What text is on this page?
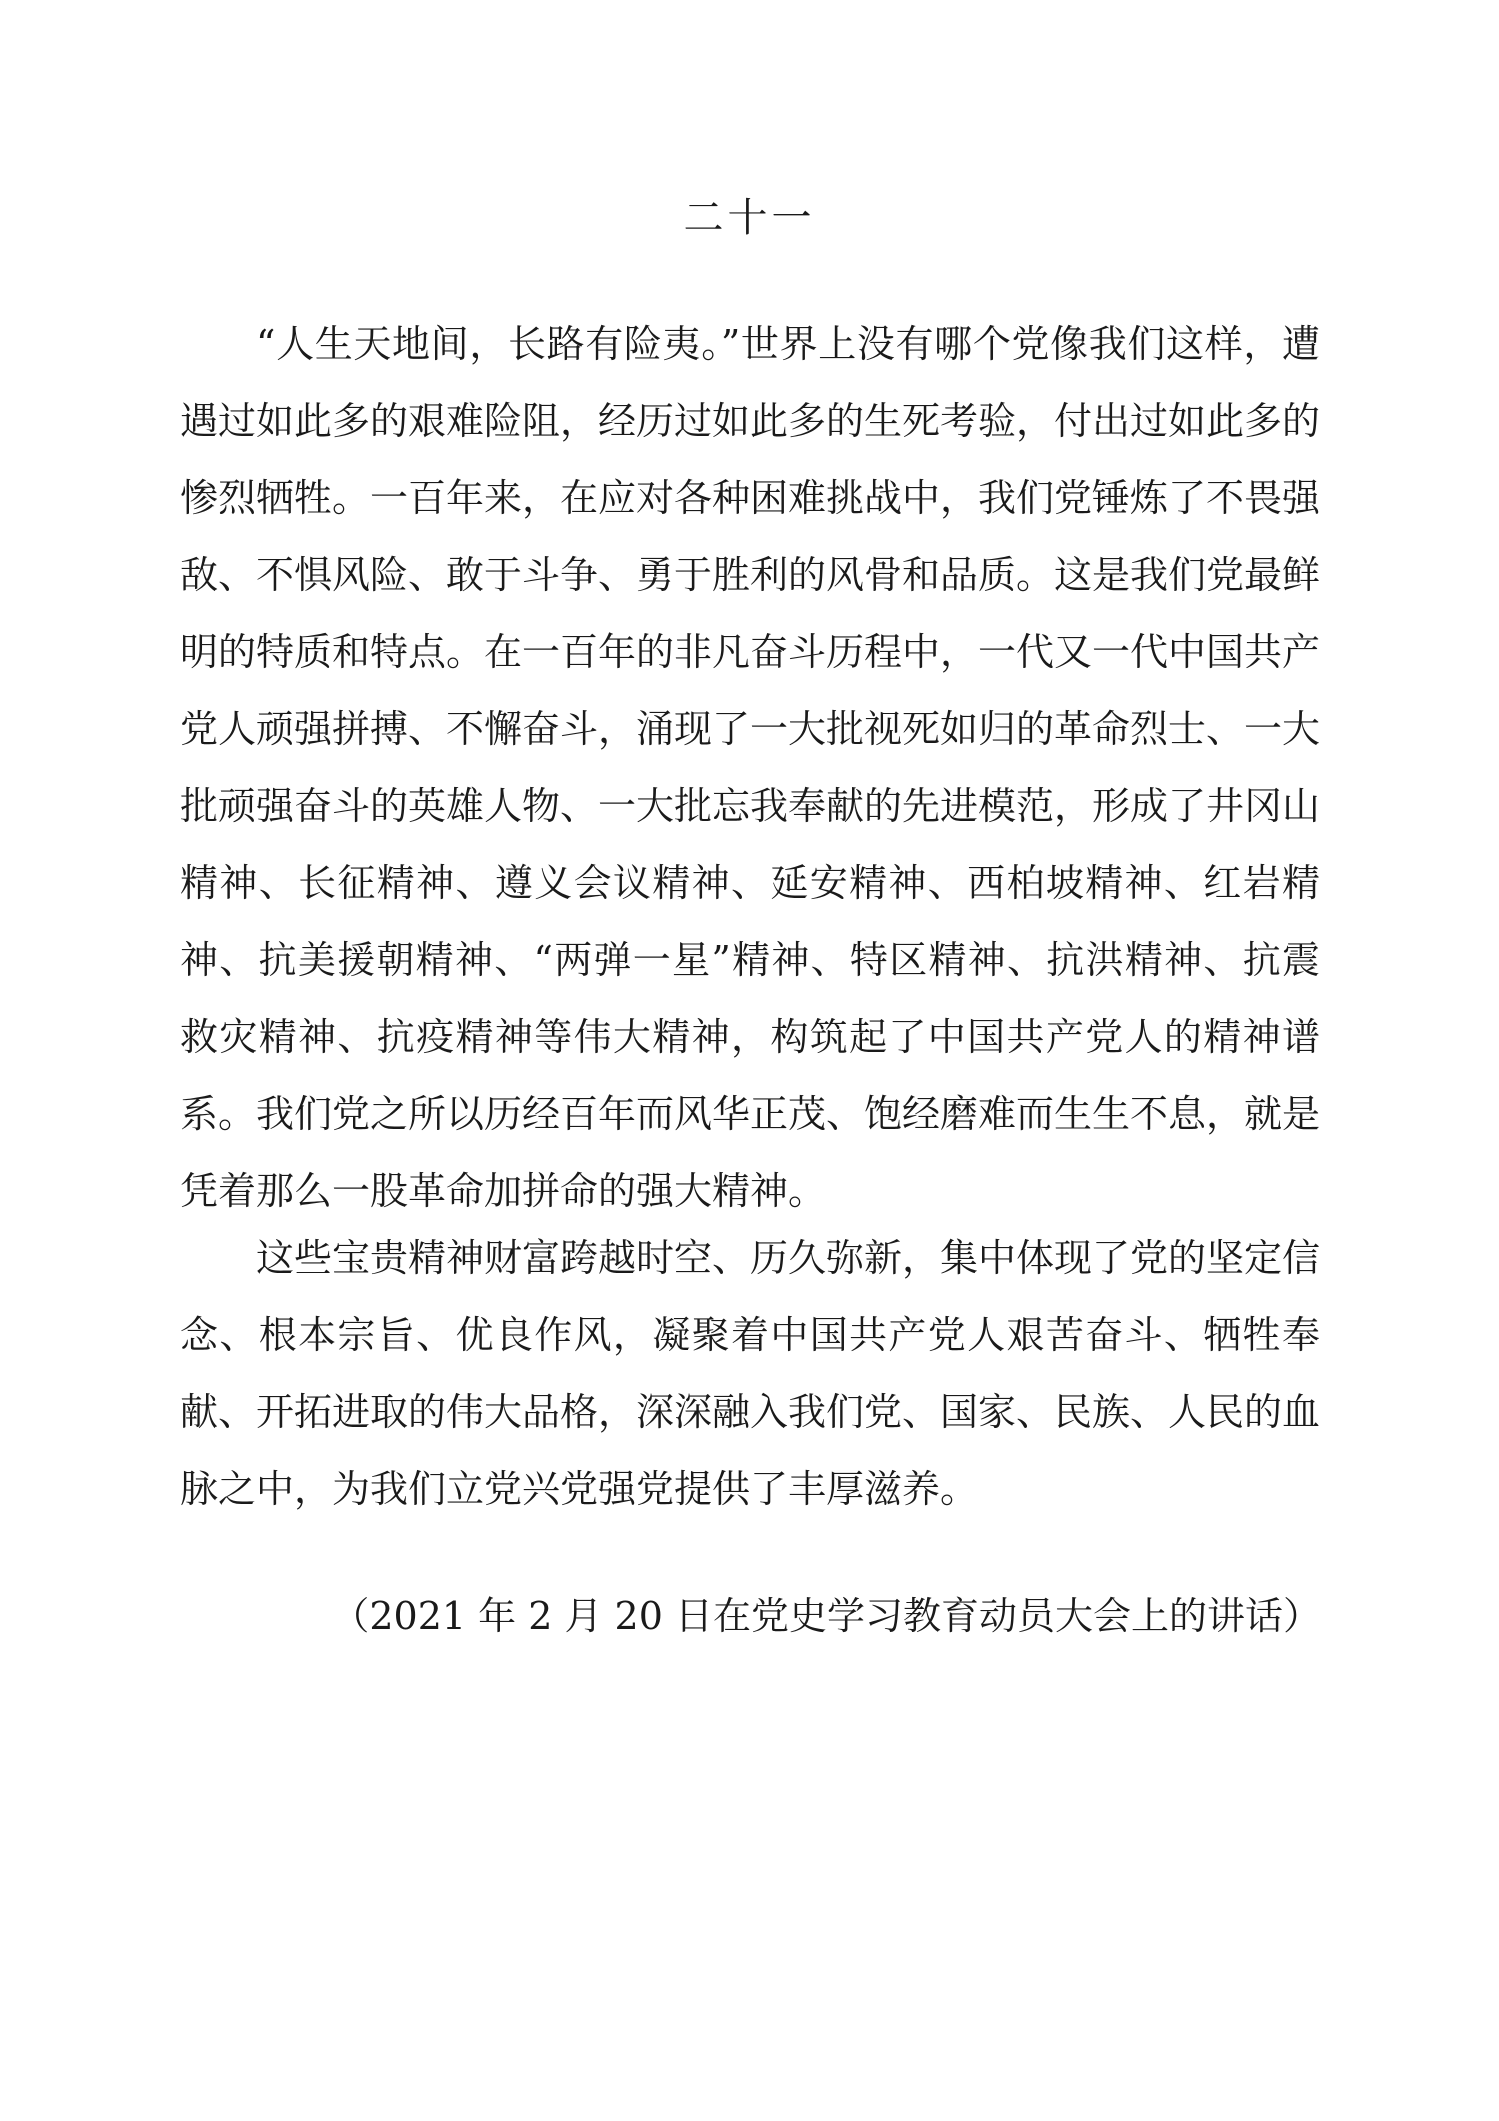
二十一

“人生天地间，长路有险夷。”世界上没有哪个党像我们这样，遭遇过如此多的艰难险阻，经历过如此多的生死考验，付出过如此多的惨烈牺牲。一百年来，在应对各种困难挑战中，我们党锤炼了不畏强敌、不惧风险、敢于斗争、勇于胜利的风骨和品质。这是我们党最鲜明的特质和特点。在一百年的非凡奋斗历程中，一代又一代中国共产党人顽强拼搏、不懈奋斗，涌现了一大批视死如归的革命烈士、一大批顽强奋斗的英雄人物、一大批忘我奉献的先进模范，形成了井冈山精神、长征精神、遵义会议精神、延安精神、西柏坡精神、红岩精神、抗美援朝精神、“两弹一星”精神、特区精神、抗洪精神、抗震救灾精神、抗疫精神等伟大精神，构筑起了中国共产党人的精神谱系。我们党之所以历经百年而风华正茂、饱经磨难而生生不息，就是凭着那么一股革命加拼命的强大精神。

这些宝贵精神财富跨越时空、历久弥新，集中体现了党的坚定信念、根本宗旨、优良作风，凝聚着中国共产党人艰苦奋斗、牺牲奉献、开拓进取的伟大品格，深深融入我们党、国家、民族、人民的血脉之中，为我们立党兴党强党提供了丰厚滋养。

（2021 年 2 月 20 日在党史学习教育动员大会上的讲话）
